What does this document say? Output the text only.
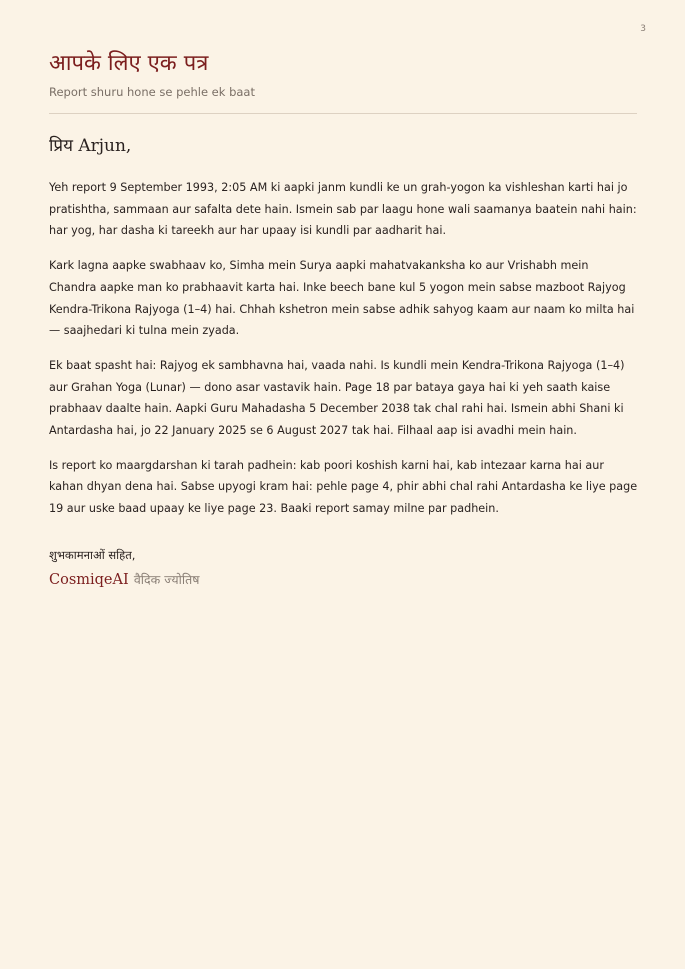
3
आपके लिए एक पत्र
Report shuru hone se pehle ek baat
प्रिय Arjun,

Yeh report 9 September 1993, 2:05 AM ki aapki janm kundli ke un grah-yogon ka vishleshan karti hai jo pratishtha, sammaan aur safalta dete hain. Ismein sab par laagu hone wali saamanya baatein nahi hain: har yog, har dasha ki tareekh aur har upaay isi kundli par aadharit hai.

Kark lagna aapke swabhaav ko, Simha mein Surya aapki mahatvakanksha ko aur Vrishabh mein Chandra aapke man ko prabhaavit karta hai. Inke beech bane kul 5 yogon mein sabse mazboot Rajyog Kendra-Trikona Rajyoga (1–4) hai. Chhah kshetron mein sabse adhik sahyog kaam aur naam ko milta hai — saajhedari ki tulna mein zyada.

Ek baat spasht hai: Rajyog ek sambhavna hai, vaada nahi. Is kundli mein Kendra-Trikona Rajyoga (1–4) aur Grahan Yoga (Lunar) — dono asar vastavik hain. Page 18 par bataya gaya hai ki yeh saath kaise prabhaav daalte hain. Aapki Guru Mahadasha 5 December 2038 tak chal rahi hai. Ismein abhi Shani ki Antardasha hai, jo 22 January 2025 se 6 August 2027 tak hai. Filhaal aap isi avadhi mein hain.

Is report ko maargdarshan ki tarah padhein: kab poori koshish karni hai, kab intezaar karna hai aur kahan dhyan dena hai. Sabse upyogi kram hai: pehle page 4, phir abhi chal rahi Antardasha ke liye page 19 aur uske baad upaay ke liye page 23. Baaki report samay milne par padhein.

शुभकामनाओं सहित,
CosmiqeAI वैदिक ज्योतिष
